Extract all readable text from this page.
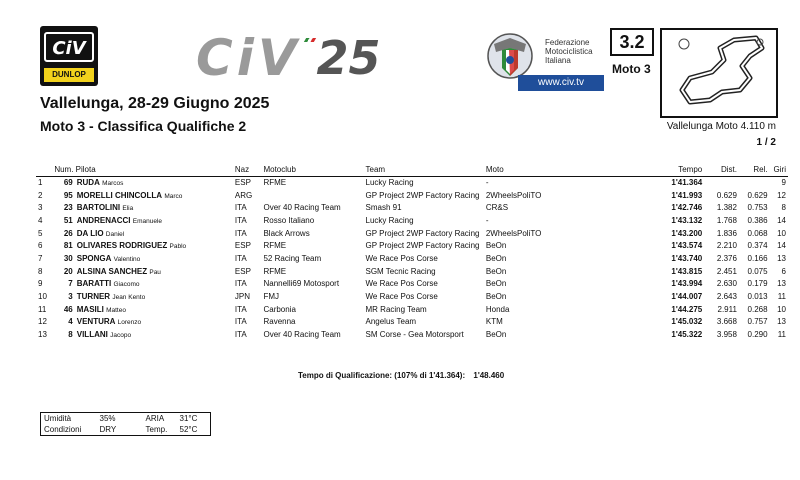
CiV
DUNLOP CiV 25	Federazione
Motociclistica
Italiana
www.civ.tv
3.2
Moto 3
Vallelunga, 28-29 Giugno 2025
Moto 3 - Classifica Qualifiche 2	Vallelunga Moto 4.110 m
1 / 2
	Num. Pilota		Naz	Motoclub	Team	Moto	Tempo	Dist.	Rel.	Giri
1	69	RUDA Marcos	ESP	RFME	Lucky Racing	-	1'41.364			9
2	95	MORELLI CHINCOLLA Marco	ARG		GP Project 2WP Factory Racing	2WheelsPoliTO	1'41.993	0.629	0.629	12
3	23	BARTOLINI Elia	ITA	Over 40 Racing Team	Smash 91	CR&S	1'42.746	1.382	0.753	8
4	51	ANDRENACCI Emanuele	ITA	Rosso Italiano	Lucky Racing	-	1'43.132	1.768	0.386	14
5	26	DA LIO Daniel	ITA	Black Arrows	GP Project 2WP Factory Racing	2WheelsPoliTO	1'43.200	1.836	0.068	10
6	81	OLIVARES RODRIGUEZ Pablo	ESP	RFME	GP Project 2WP Factory Racing	BeOn	1'43.574	2.210	0.374	14
7	30	SPONGA Valentino	ITA	52 Racing Team	We Race Pos Corse	BeOn	1'43.740	2.376	0.166	13
8	20	ALSINA SANCHEZ Pau	ESP	RFME	SGM Tecnic Racing	BeOn	1'43.815	2.451	0.075	6
9	7	BARATTI Giacomo	ITA	Nannelli69 Motosport	We Race Pos Corse	BeOn	1'43.994	2.630	0.179	13
10	3	TURNER Jean Kento	JPN	FMJ	We Race Pos Corse	BeOn	1'44.007	2.643	0.013	11
11	46	MASILI Matteo	ITA	Carbonia	MR Racing Team	Honda	1'44.275	2.911	0.268	10
12	4	VENTURA Lorenzo	ITA	Ravenna	Angelus Team	KTM	1'45.032	3.668	0.757	13
13	8	VILLANI Jacopo	ITA	Over 40 Racing Team	SM Corse - Gea Motorsport	BeOn	1'45.322	3.958	0.290	11
Tempo di Qualificazione: (107% di 1'41.364): 1'48.460
Umidità	35%	ARIA	31°C
Condizioni	DRY	Temp.	52°C
